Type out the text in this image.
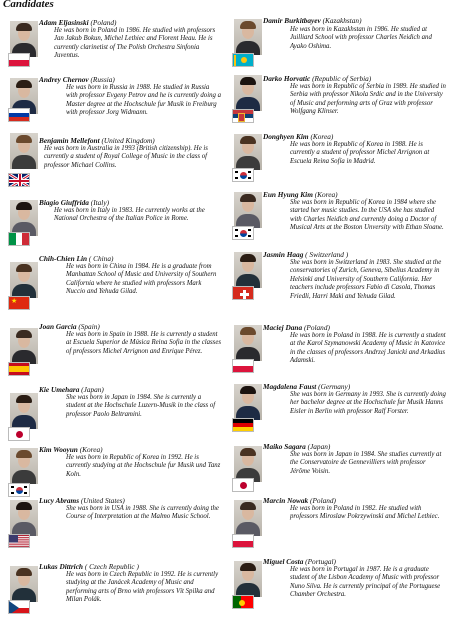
Candidates
Adam Eljasinski (Poland)
He was born in Poland in 1986. He studied with professors Jan Jakub Bokun, Michel Lethiec and Florent Heau. He is currently clarinetist of The Polish Orchestra Sinfonia Juventus.
Andrey Chernov (Russia)
He was born in Russia in 1988. He studied in Russia with professor Evgeny Petrov and he is currently doing a Master degree at the Hochschule fur Musik in Freiburg with professor Jorg Widmann.
Benjamin Mellefont (United Kingdom)
He was born in Australia in 1993 (British citizenship). He is currently a student of Royal College of Music in the class of professor Michael Collins.
Biagio Giuffrida (Italy)
He was born in Italy in 1983. He currently works at the National Orchestra of the Italian Police in Rome.
★
Chih-Chien Lin ( China)
He was born in China in 1984. He is a graduate from Manhattan School of Music and University of Southern California where he studied with professors Mark Nuccio and Yehuda Gilad.
Joan Garcia (Spain)
He was born in Spain in 1988. He is currently a student at Escuela Superior de Música Reina Sofia in the classes of professors Michel Arrignon and Enrique Pérez.
Kie Umehara (Japan)
She was born in Japan in 1984. She is currently a student at the Hochschule Luzern-Musik in the class of professor Paolo Beltramini.
Kim Wooyun (Korea)
He was born in Republic of Korea in 1992. He is currently studying at the Hochschule fur Musik und Tanz Koln.
Lucy Abrams (United States)
She was born in USA in 1988. She is currently doing the Course of Interpretation at the Malmo Music School.
Lukas Dittrich ( Czech Republic )
He was born in Czech Republic in 1992. He is currently studying at the Janácek Academy of Music and performing arts of Brno with professors Vít Spilka and Milan Polák.
Damir Burkitbayev (Kazakhstan)
He was born in Kazakhstan in 1986. He studied at Juilliard School with professor Charles Neidich and Ayako Oshima.
Darko Horvatic (Republic of Serbia)
He was born in Republic of Serbia in 1989. He studied in Serbia with professor Nikola Srdic and in the University of Music and performing arts of Graz with professor Wolfgang Klinser.
Donghyen Kim (Korea)
He was born in Republic of Korea in 1988. He is currently a student of professor Michel Arrignon at Escuela Reina Sofía in Madrid.
Eun Hyung Kim (Korea)
She was born in Republic of Korea in 1984 where she started her music studies. In the USA she has studied with Charles Neidich and currently doing a Doctor of Musical Arts at the Boston Unversity with Ethan Sloane.
Jasmin Haag ( Switzerland )
She was born in Switzerland in 1983. She studied at the conservatories of Zurich, Geneva, Sibelius Academy in Helsinki and University of Southern California. Her teachers include professors Fabio di Casola, Thomas Friedli, Harri Maki and Yehuda Gilad.
Maciej Dana (Poland)
He was born in Poland in 1988. He is currently a student at the Karol Szymanowski Academy of Music in Katovice in the classes of professors Andrzej Janicki and Arkadius Adamski.
Magdalena Faust (Germany)
She was born in Germany in 1993. She is currently doing her bachelor degree at the Hochschule fur Musik Hanns Eisler in Berlin with professor Ralf Forster.
Maiko Sagara (Japan)
She was born in Japan in 1984. She studies currently at the Conservatoire de Gennevilliers with professor Jérôme Voisin.
Marcin Nowak (Poland)
He was born in Poland in 1982. He studied with professors Miroslaw Pokrzywinski and Michel Lethiec.
Miguel Costa (Portugal)
He was born in Portugal in 1987. He is a graduate student of the Lisbon Academy of Music with professor Nuno Silva. He is currently principal of the Portuguese Chamber Orchestra.
